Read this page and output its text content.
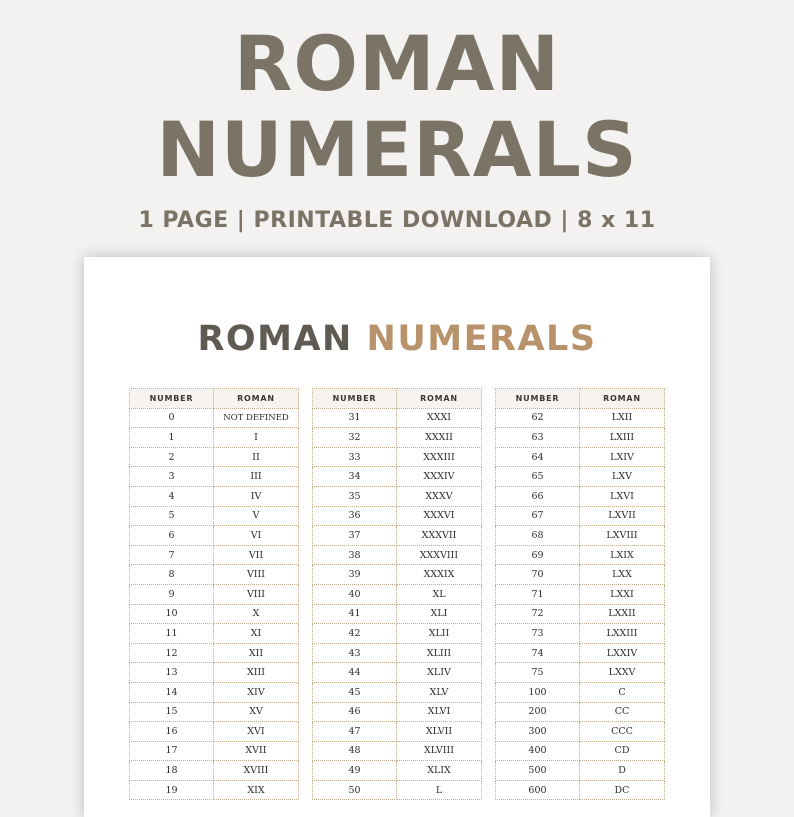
ROMAN
NUMERALS
1 PAGE | PRINTABLE DOWNLOAD | 8 x 11
ROMAN NUMERALS
NUMBER	ROMAN
0	NOT DEFINED
1	I
2	II
3	III
4	IV
5	V
6	VI
7	VII
8	VIII
9	VIII
10	X
11	XI
12	XII
13	XIII
14	XIV
15	XV
16	XVI
17	XVII
18	XVIII
19	XIX
NUMBER	ROMAN
31	XXXI
32	XXXII
33	XXXIII
34	XXXIV
35	XXXV
36	XXXVI
37	XXXVII
38	XXXVIII
39	XXXIX
40	XL
41	XLI
42	XLII
43	XLIII
44	XLIV
45	XLV
46	XLVI
47	XLVII
48	XLVIII
49	XLIX
50	L
NUMBER	ROMAN
62	LXII
63	LXIII
64	LXIV
65	LXV
66	LXVI
67	LXVII
68	LXVIII
69	LXIX
70	LXX
71	LXXI
72	LXXII
73	LXXIII
74	LXXIV
75	LXXV
100	C
200	CC
300	CCC
400	CD
500	D
600	DC
